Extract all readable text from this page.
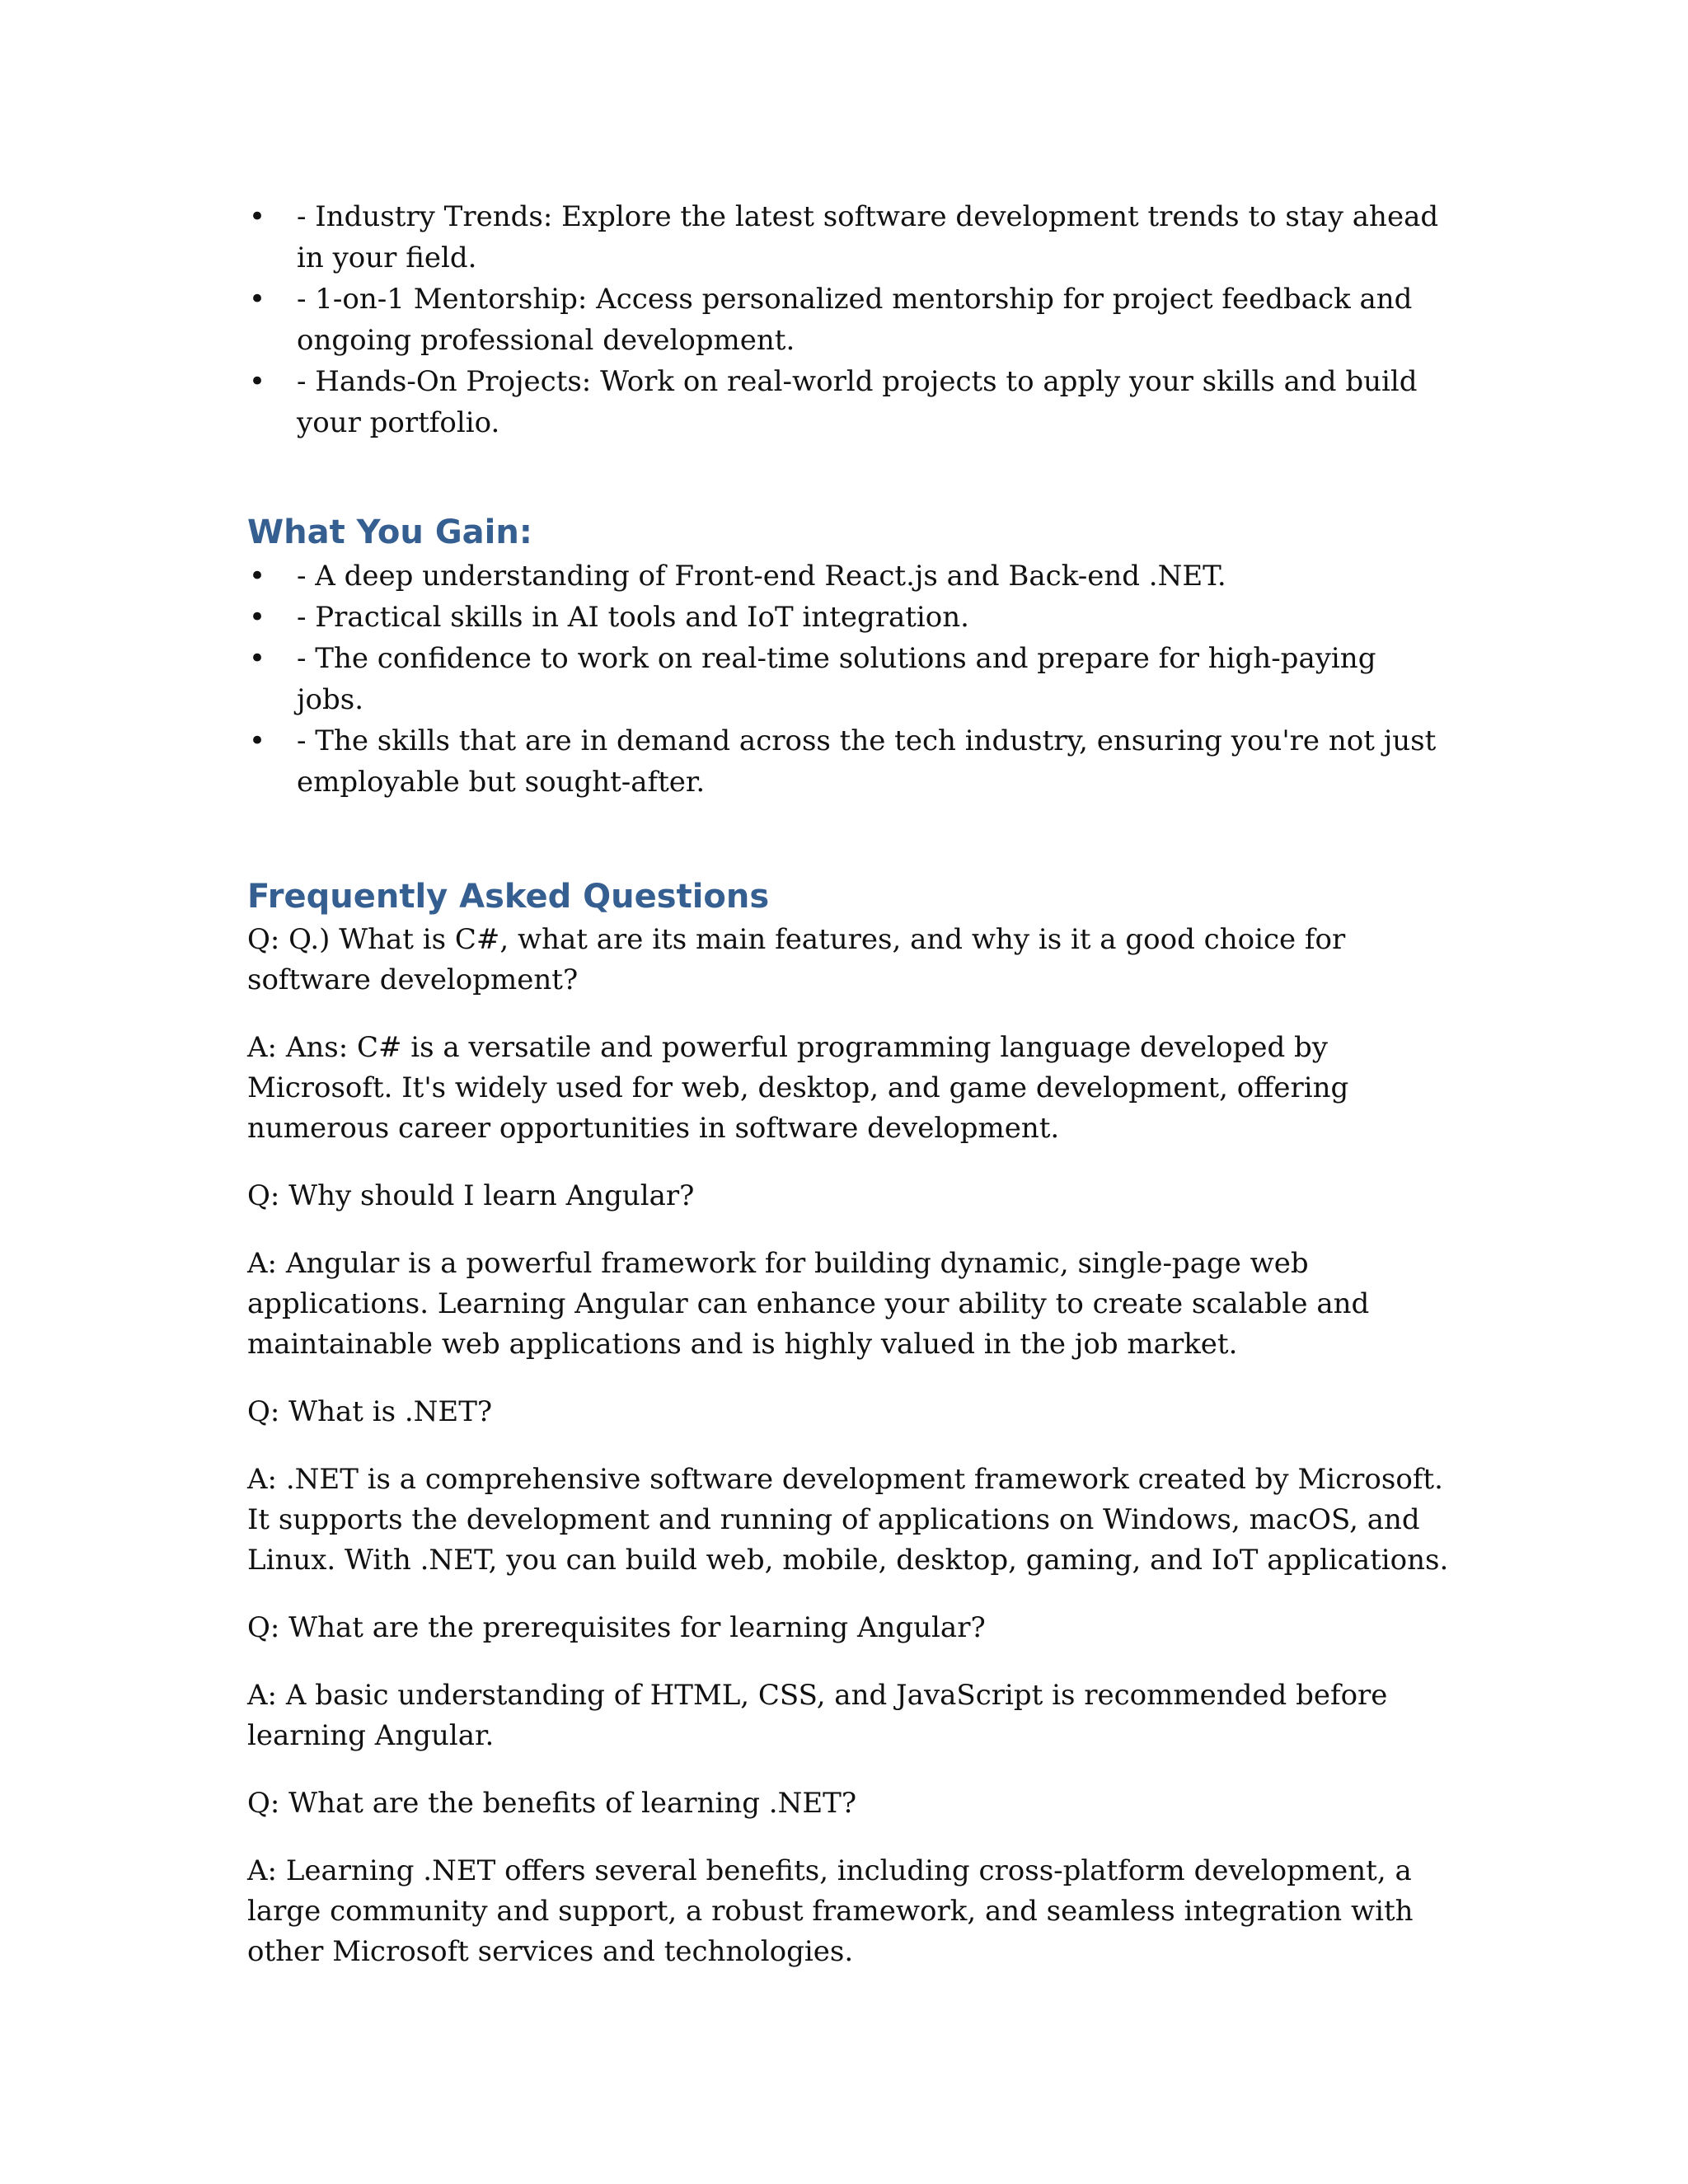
• - Industry Trends: Explore the latest software development trends to stay ahead in your field.
• - 1-on-1 Mentorship: Access personalized mentorship for project feedback and ongoing professional development.
• - Hands-On Projects: Work on real-world projects to apply your skills and build your portfolio.
What You Gain:
• - A deep understanding of Front-end React.js and Back-end .NET.
• - Practical skills in AI tools and IoT integration.
• - The confidence to work on real-time solutions and prepare for high-paying jobs.
• - The skills that are in demand across the tech industry, ensuring you're not just employable but sought-after.
Frequently Asked Questions

Q: Q.) What is C#, what are its main features, and why is it a good choice for software development?

A: Ans: C# is a versatile and powerful programming language developed by Microsoft. It's widely used for web, desktop, and game development, offering numerous career opportunities in software development.

Q: Why should I learn Angular?

A: Angular is a powerful framework for building dynamic, single-page web applications. Learning Angular can enhance your ability to create scalable and maintainable web applications and is highly valued in the job market.

Q: What is .NET?

A: .NET is a comprehensive software development framework created by Microsoft. It supports the development and running of applications on Windows, macOS, and Linux. With .NET, you can build web, mobile, desktop, gaming, and IoT applications.

Q: What are the prerequisites for learning Angular?

A: A basic understanding of HTML, CSS, and JavaScript is recommended before learning Angular.

Q: What are the benefits of learning .NET?

A: Learning .NET offers several benefits, including cross-platform development, a large community and support, a robust framework, and seamless integration with other Microsoft services and technologies.
